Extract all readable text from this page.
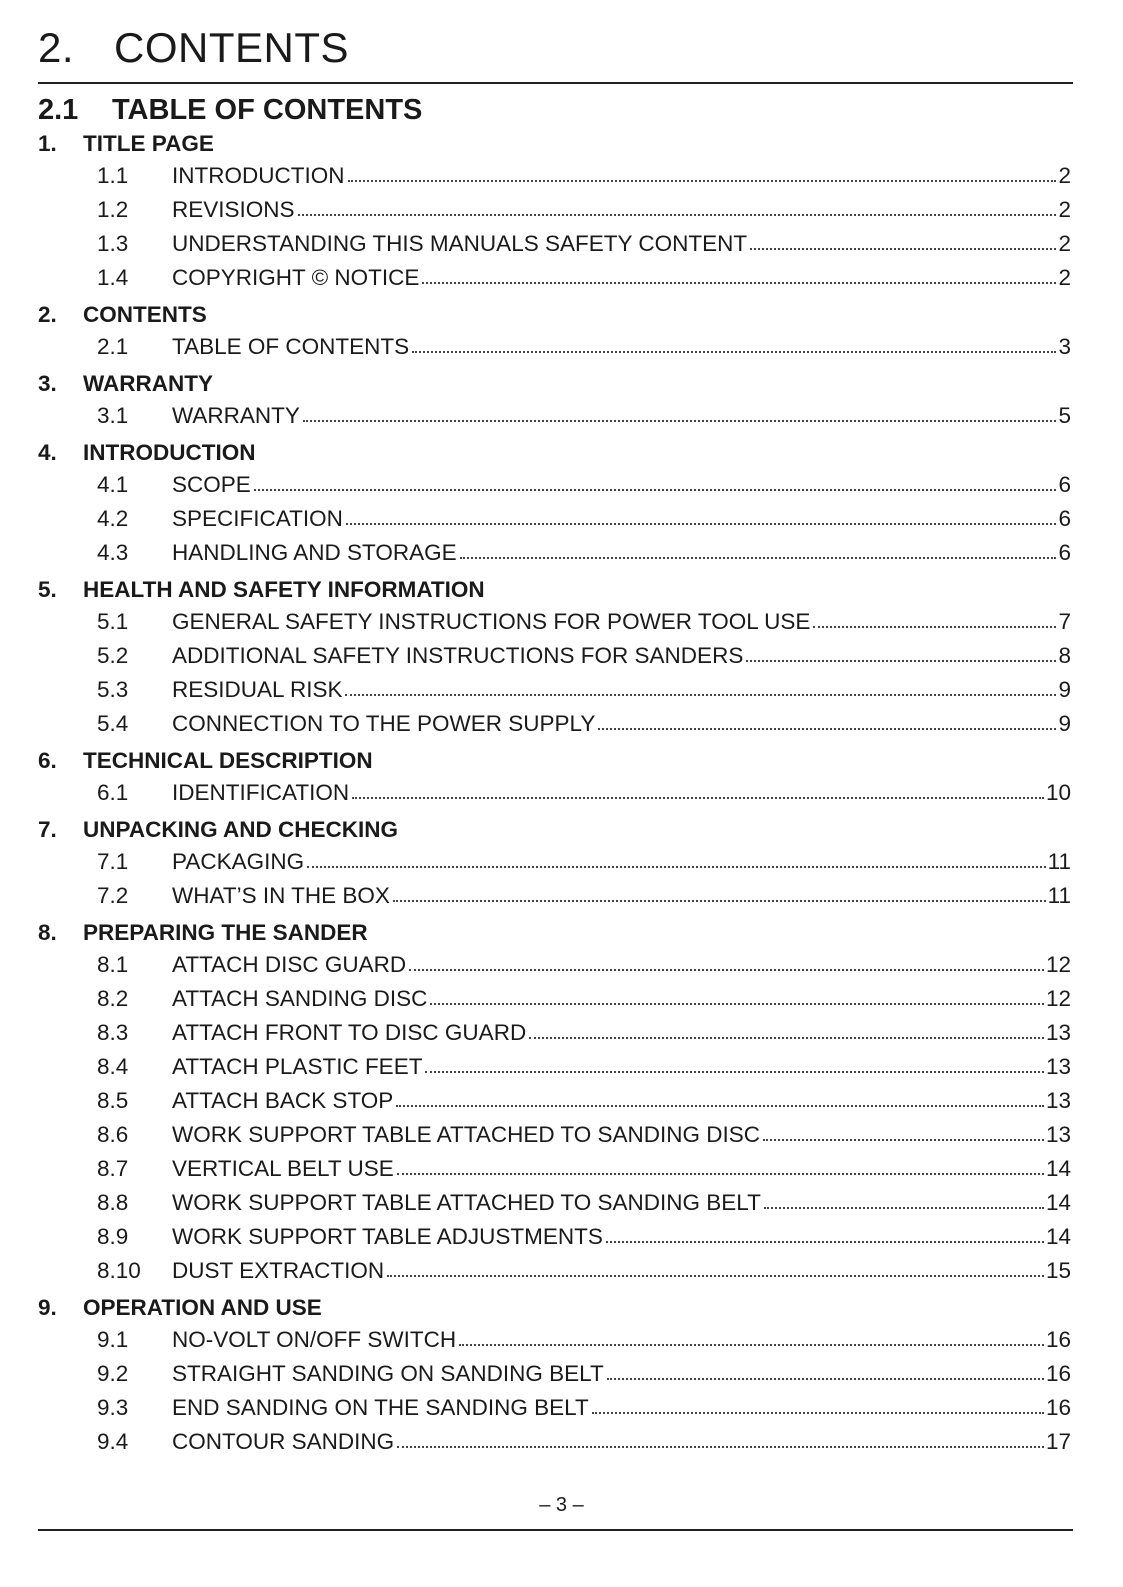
2. CONTENTS
2.1 TABLE OF CONTENTS
1.	TITLE PAGE
1.1	INTRODUCTION	2
1.2	REVISIONS	2
1.3	UNDERSTANDING THIS MANUALS SAFETY CONTENT	2
1.4	COPYRIGHT © NOTICE	2
2.	CONTENTS
2.1	TABLE OF CONTENTS	3
3.	WARRANTY
3.1	WARRANTY	5
4.	INTRODUCTION
4.1	SCOPE	6
4.2	SPECIFICATION	6
4.3	HANDLING AND STORAGE	6
5.	HEALTH AND SAFETY INFORMATION
5.1	GENERAL SAFETY INSTRUCTIONS FOR POWER TOOL USE	7
5.2	ADDITIONAL SAFETY INSTRUCTIONS FOR SANDERS	8
5.3	RESIDUAL RISK	9
5.4	CONNECTION TO THE POWER SUPPLY	9
6.	TECHNICAL DESCRIPTION
6.1	IDENTIFICATION	10
7.	UNPACKING AND CHECKING
7.1	PACKAGING	11
7.2	WHAT’S IN THE BOX	11
8.	PREPARING THE SANDER
8.1	ATTACH DISC GUARD	12
8.2	ATTACH SANDING DISC	12
8.3	ATTACH FRONT TO DISC GUARD	13
8.4	ATTACH PLASTIC FEET	13
8.5	ATTACH BACK STOP	13
8.6	WORK SUPPORT TABLE ATTACHED TO SANDING DISC	13
8.7	VERTICAL BELT USE	14
8.8	WORK SUPPORT TABLE ATTACHED TO SANDING BELT	14
8.9	WORK SUPPORT TABLE ADJUSTMENTS	14
8.10	DUST EXTRACTION	15
9.	OPERATION AND USE
9.1	NO-VOLT ON/OFF SWITCH	16
9.2	STRAIGHT SANDING ON SANDING BELT	16
9.3	END SANDING ON THE SANDING BELT	16
9.4	CONTOUR SANDING	17
– 3 –
